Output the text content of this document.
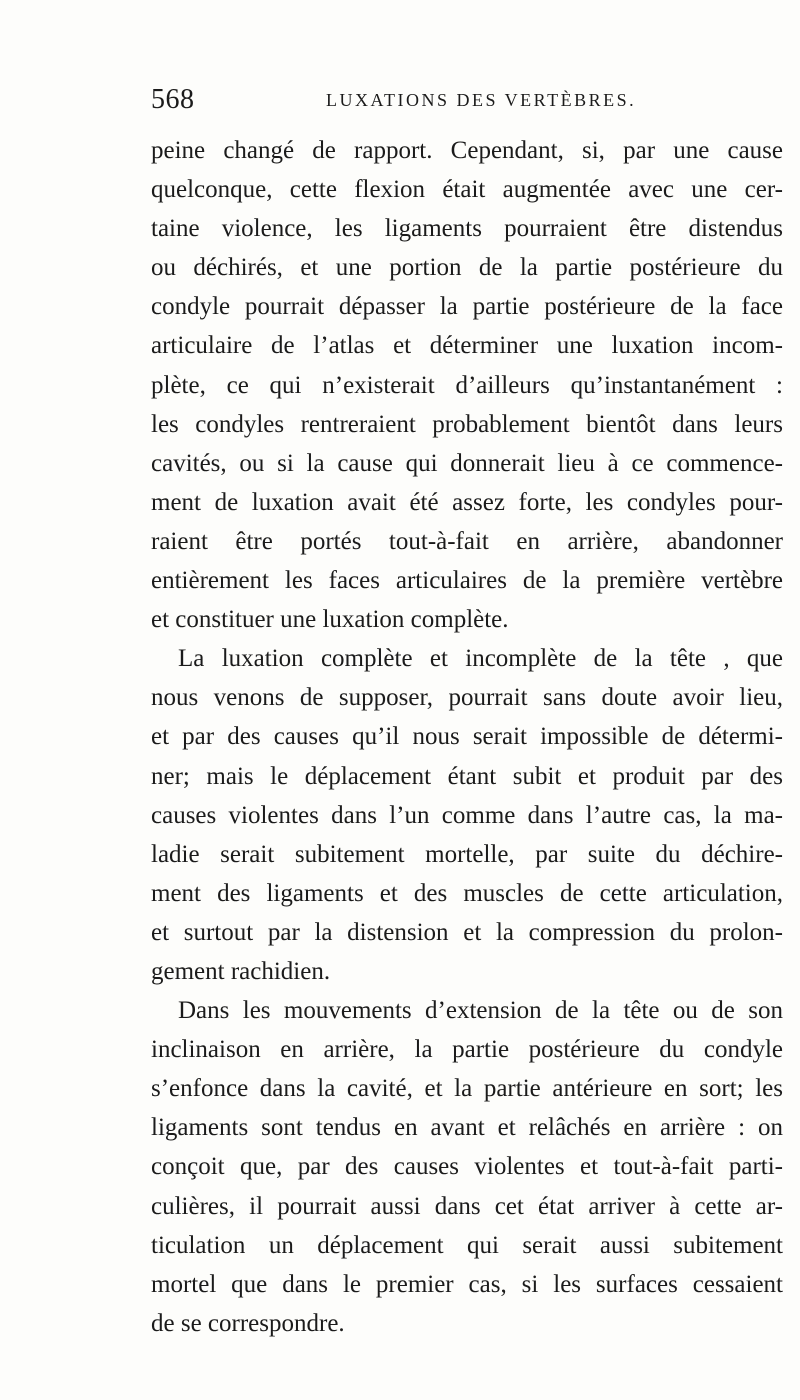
568	LUXATIONS DES VERTÈBRES.
peine changé de rapport. Cependant, si, par une cause
quelconque, cette flexion était augmentée avec une cer-
taine violence, les ligaments pourraient être distendus
ou déchirés, et une portion de la partie postérieure du
condyle pourrait dépasser la partie postérieure de la face
articulaire de l’atlas et déterminer une luxation incom-
plète, ce qui n’existerait d’ailleurs qu’instantanément :
les condyles rentreraient probablement bientôt dans leurs
cavités, ou si la cause qui donnerait lieu à ce commence-
ment de luxation avait été assez forte, les condyles pour-
raient être portés tout-à-fait en arrière, abandonner
entièrement les faces articulaires de la première vertèbre
et constituer une luxation complète.
La luxation complète et incomplète de la tête , que
nous venons de supposer, pourrait sans doute avoir lieu,
et par des causes qu’il nous serait impossible de détermi-
ner; mais le déplacement étant subit et produit par des
causes violentes dans l’un comme dans l’autre cas, la ma-
ladie serait subitement mortelle, par suite du déchire-
ment des ligaments et des muscles de cette articulation,
et surtout par la distension et la compression du prolon-
gement rachidien.
Dans les mouvements d’extension de la tête ou de son
inclinaison en arrière, la partie postérieure du condyle
s’enfonce dans la cavité, et la partie antérieure en sort; les
ligaments sont tendus en avant et relâchés en arrière : on
conçoit que, par des causes violentes et tout-à-fait parti-
culières, il pourrait aussi dans cet état arriver à cette ar-
ticulation un déplacement qui serait aussi subitement
mortel que dans le premier cas, si les surfaces cessaient
de se correspondre.
